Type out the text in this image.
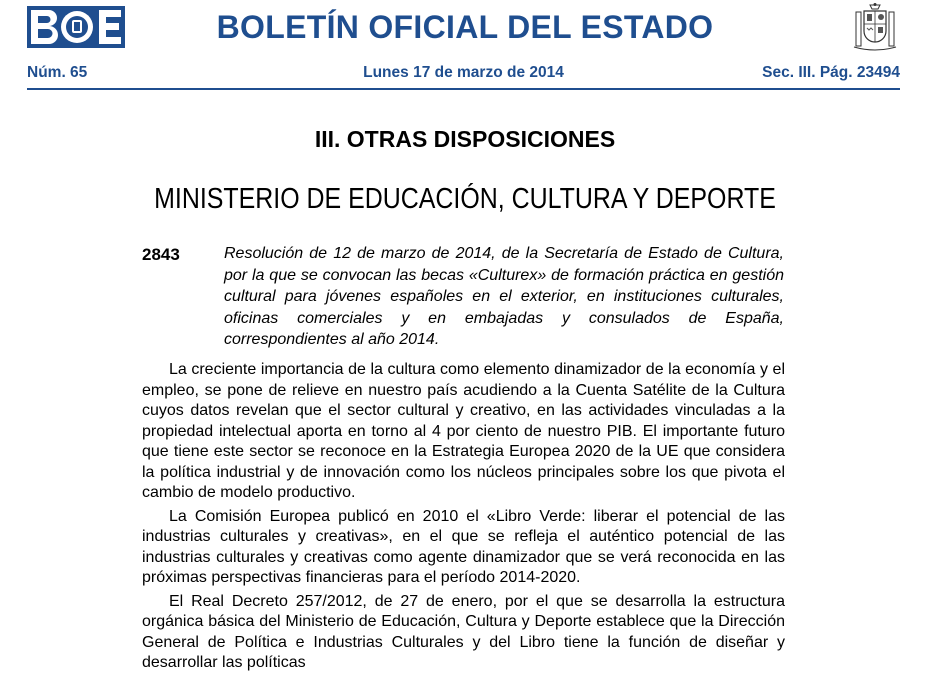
BOLETÍN OFICIAL DEL ESTADO
Núm. 65	Lunes 17 de marzo de 2014	Sec. III. Pág. 23494
III. OTRAS DISPOSICIONES
MINISTERIO DE EDUCACIÓN, CULTURA Y DEPORTE
2843	Resolución de 12 de marzo de 2014, de la Secretaría de Estado de Cultura, por la que se convocan las becas «Culturex» de formación práctica en gestión cultural para jóvenes españoles en el exterior, en instituciones culturales, oficinas comerciales y en embajadas y consulados de España, correspondientes al año 2014.

La creciente importancia de la cultura como elemento dinamizador de la economía y el empleo, se pone de relieve en nuestro país acudiendo a la Cuenta Satélite de la Cultura cuyos datos revelan que el sector cultural y creativo, en las actividades vinculadas a la propiedad intelectual aporta en torno al 4 por ciento de nuestro PIB. El importante futuro que tiene este sector se reconoce en la Estrategia Europea 2020 de la UE que considera la política industrial y de innovación como los núcleos principales sobre los que pivota el cambio de modelo productivo.

La Comisión Europea publicó en 2010 el «Libro Verde: liberar el potencial de las industrias culturales y creativas», en el que se refleja el auténtico potencial de las industrias culturales y creativas como agente dinamizador que se verá reconocida en las próximas perspectivas financieras para el período 2014-2020.

El Real Decreto 257/2012, de 27 de enero, por el que se desarrolla la estructura orgánica básica del Ministerio de Educación, Cultura y Deporte establece que la Dirección General de Política e Industrias Culturales y del Libro tiene la función de diseñar y desarrollar las políticas
